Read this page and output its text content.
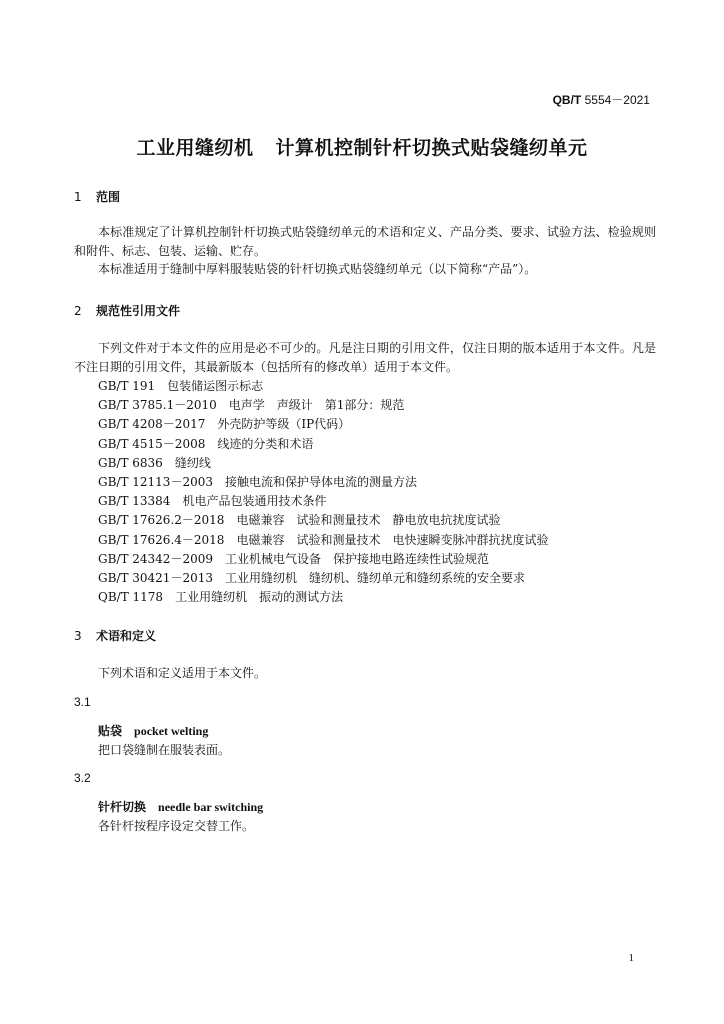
QB/T 5554－2021
工业用缝纫机 计算机控制针杆切换式贴袋缝纫单元
1 范围

本标准规定了计算机控制针杆切换式贴袋缝纫单元的术语和定义、产品分类、要求、试验方法、检验规则和附件、标志、包装、运输、贮存。

本标准适用于缝制中厚料服装贴袋的针杆切换式贴袋缝纫单元（以下简称“产品”）。

2 规范性引用文件

下列文件对于本文件的应用是必不可少的。凡是注日期的引用文件，仅注日期的版本适用于本文件。凡是不注日期的引用文件，其最新版本（包括所有的修改单）适用于本文件。

GB/T 191 包装储运图示标志
GB/T 3785.1－2010 电声学　声级计　第1部分：规范
GB/T 4208－2017 外壳防护等级（IP代码）
GB/T 4515－2008 线迹的分类和术语
GB/T 6836 缝纫线
GB/T 12113－2003 接触电流和保护导体电流的测量方法
GB/T 13384 机电产品包装通用技术条件
GB/T 17626.2－2018 电磁兼容　试验和测量技术　静电放电抗扰度试验
GB/T 17626.4－2018 电磁兼容　试验和测量技术　电快速瞬变脉冲群抗扰度试验
GB/T 24342－2009 工业机械电气设备　保护接地电路连续性试验规范
GB/T 30421－2013 工业用缝纫机　缝纫机、缝纫单元和缝纫系统的安全要求
QB/T 1178 工业用缝纫机　振动的测试方法
3 术语和定义

下列术语和定义适用于本文件。

3.1
贴袋 pocket welting
把口袋缝制在服装表面。
3.2
针杆切换 needle bar switching
各针杆按程序设定交替工作。
1
